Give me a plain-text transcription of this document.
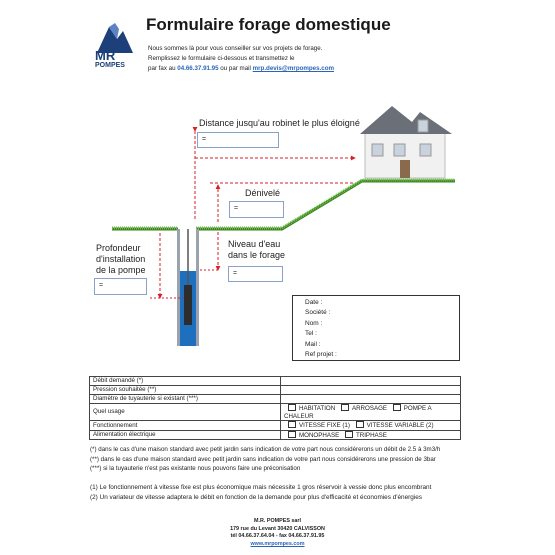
MR
POMPES
Formulaire forage domestique
Nous sommes là pour vous conseiller sur vos projets de forage.
Remplissez le formulaire ci-dessous et transmettez le
par fax au 04.66.37.91.95 ou par mail mrp.devis@mrpompes.com
Distance jusqu'au robinet le plus éloigné
=
Dénivelé
=
Niveau d'eau
dans le forage
=
Profondeur
d'installation
de la pompe
=
Date :
Société :
Nom :
Tel :
Mail :
Ref projet :
Débit demandé (*)	
Pression souhaitée (**)	
Diamètre de tuyauterie si existant (***)	
Quel usage	HABITATION ARROSAGE POMPE A CHALEUR
Fonctionnement	VITESSE FIXE (1) VITESSE VARIABLE (2)
Alimentation électrique	MONOPHASE TRIPHASE
(*) dans le cas d'une maison standard avec petit jardin sans indication de votre part nous considérerons un débit de 2.5 à 3m3/h
(**) dans le cas d'une maison standard avec petit jardin sans indication de votre part nous considérerons une pression de 3bar
(***) si la tuyauterie n'est pas existante nous pouvons faire une préconisation
(1) Le fonctionnement à vitesse fixe est plus économique mais nécessite 1 gros réservoir à vessie donc plus encombrant
(2) Un variateur de vitesse adaptera le débit en fonction de la demande pour plus d'efficacité et économies d'énergies
M.R. POMPES sarl
179 rue du Levant 30420 CALVISSON
tél 04.66.37.64.04 - fax 04.66.37.91.95
www.mrpompes.com
